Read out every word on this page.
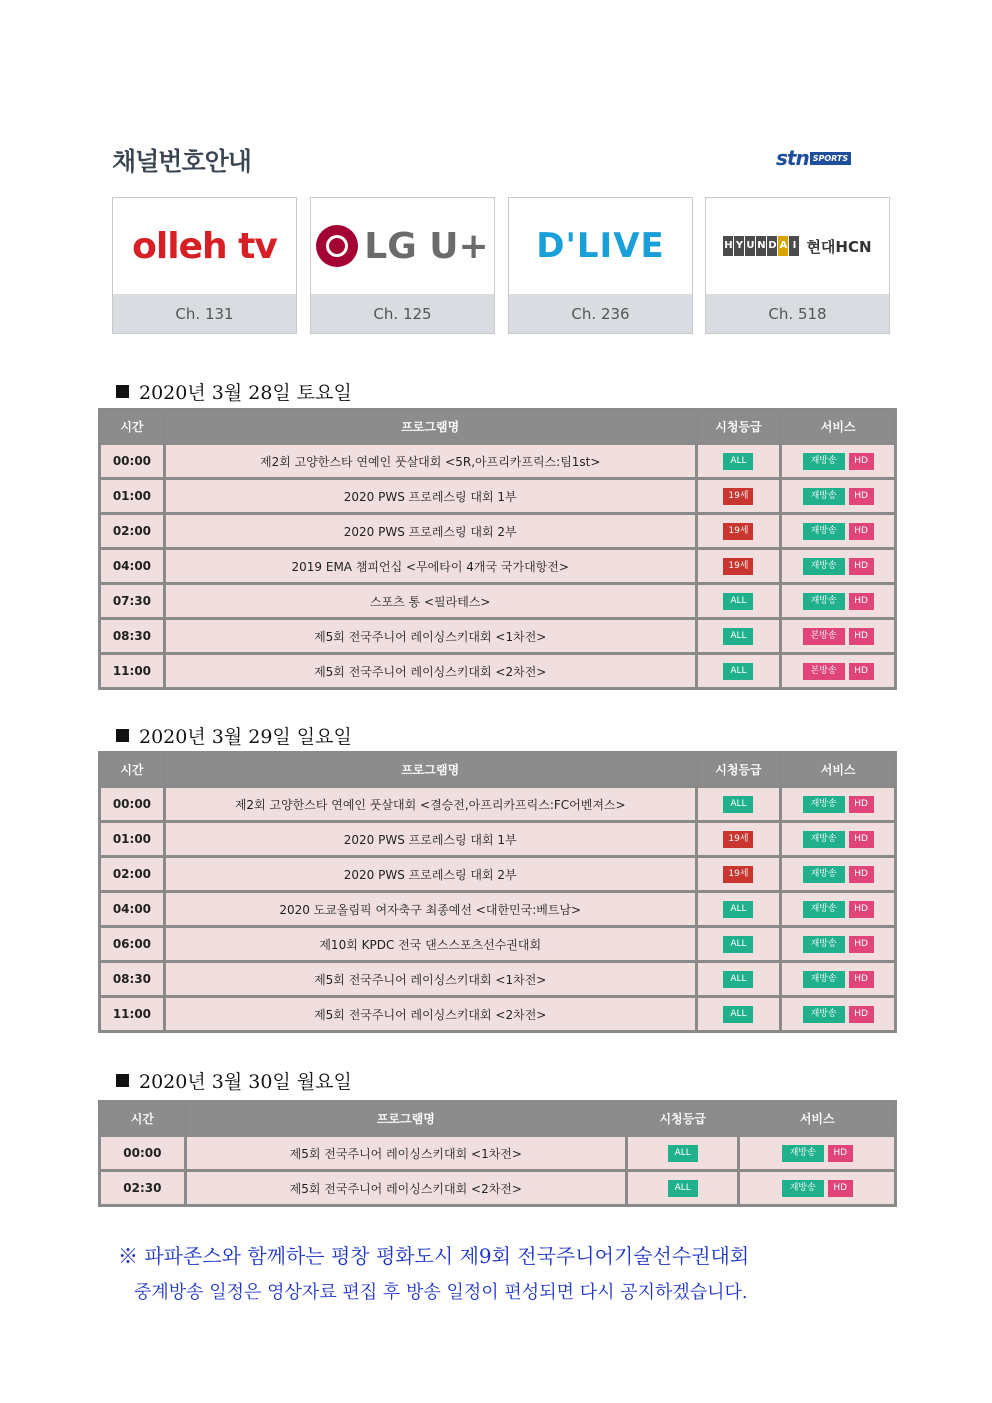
채널번호안내	stn SPORTS
olleh tv
Ch. 131
LG U+
Ch. 125
D'LIVE
Ch. 236
H Y U N D A I 현대HCN
Ch. 518
2020년 3월 28일 토요일
시간	프로그램명	시청등급	서비스
00:00	제2회 고양한스타 연예인 풋살대회 <5R,아프리카프릭스:팀1st>	ALL	재방송 HD
01:00	2020 PWS 프로레스링 대회 1부	19세	재방송 HD
02:00	2020 PWS 프로레스링 대회 2부	19세	재방송 HD
04:00	2019 EMA 챔피언십 <무에타이 4개국 국가대항전>	19세	재방송 HD
07:30	스포츠 통 <필라테스>	ALL	재방송 HD
08:30	제5회 전국주니어 레이싱스키대회 <1차전>	ALL	본방송 HD
11:00	제5회 전국주니어 레이싱스키대회 <2차전>	ALL	본방송 HD
2020년 3월 29일 일요일
시간	프로그램명	시청등급	서비스
00:00	제2회 고양한스타 연예인 풋살대회 <결승전,아프리카프릭스:FC어벤져스>	ALL	재방송 HD
01:00	2020 PWS 프로레스링 대회 1부	19세	재방송 HD
02:00	2020 PWS 프로레스링 대회 2부	19세	재방송 HD
04:00	2020 도쿄올림픽 여자축구 최종예선 <대한민국:베트남>	ALL	재방송 HD
06:00	제10회 KPDC 전국 댄스스포츠선수권대회	ALL	재방송 HD
08:30	제5회 전국주니어 레이싱스키대회 <1차전>	ALL	재방송 HD
11:00	제5회 전국주니어 레이싱스키대회 <2차전>	ALL	재방송 HD
2020년 3월 30일 월요일
시간	프로그램명	시청등급	서비스
00:00	제5회 전국주니어 레이싱스키대회 <1차전>	ALL	재방송 HD
02:30	제5회 전국주니어 레이싱스키대회 <2차전>	ALL	재방송 HD
※ 파파존스와 함께하는 평창 평화도시 제9회 전국주니어기술선수권대회
중계방송 일정은 영상자료 편집 후 방송 일정이 편성되면 다시 공지하겠습니다.
